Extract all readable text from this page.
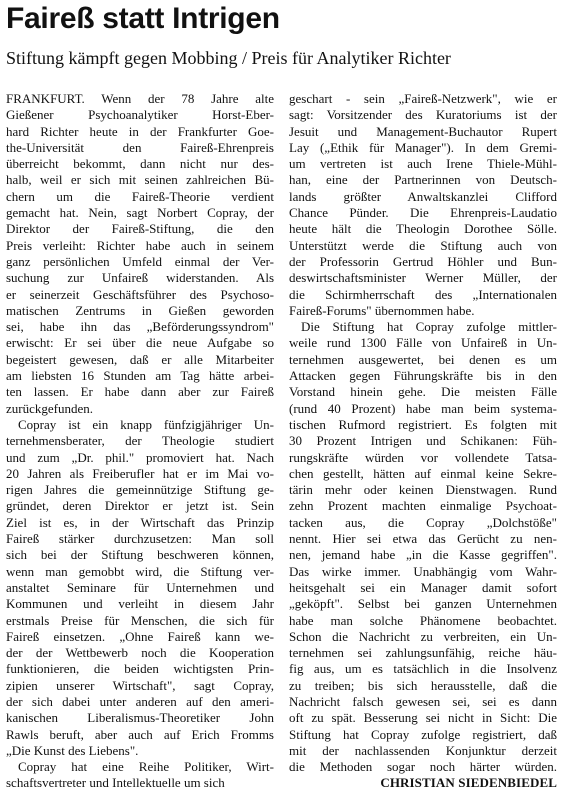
Faireß statt Intrigen
Stiftung kämpft gegen Mobbing / Preis für Analytiker Richter
FRANKFURT. Wenn der 78 Jahre alte
Gießener Psychoanalytiker Horst-Eber-
hard Richter heute in der Frankfurter Goe-
the-Universität den Faireß-Ehrenpreis
überreicht bekommt, dann nicht nur des-
halb, weil er sich mit seinen zahlreichen Bü-
chern um die Faireß-Theorie verdient
gemacht hat. Nein, sagt Norbert Copray, der
Direktor der Faireß-Stiftung, die den
Preis verleiht: Richter habe auch in seinem
ganz persönlichen Umfeld einmal der Ver-
suchung zur Unfaireß widerstanden. Als
er seinerzeit Geschäftsführer des Psychoso-
matischen Zentrums in Gießen geworden
sei, habe ihn das „Beförderungssyndrom"
erwischt: Er sei über die neue Aufgabe so
begeistert gewesen, daß er alle Mitarbeiter
am liebsten 16 Stunden am Tag hätte arbei-
ten lassen. Er habe dann aber zur Faireß
zurückgefunden.
Copray ist ein knapp fünfzigjähriger Un-
ternehmensberater, der Theologie studiert
und zum „Dr. phil." promoviert hat. Nach
20 Jahren als Freiberufler hat er im Mai vo-
rigen Jahres die gemeinnützige Stiftung ge-
gründet, deren Direktor er jetzt ist. Sein
Ziel ist es, in der Wirtschaft das Prinzip
Faireß stärker durchzusetzen: Man soll
sich bei der Stiftung beschweren können,
wenn man gemobbt wird, die Stiftung ver-
anstaltet Seminare für Unternehmen und
Kommunen und verleiht in diesem Jahr
erstmals Preise für Menschen, die sich für
Faireß einsetzen. „Ohne Faireß kann we-
der der Wettbewerb noch die Kooperation
funktionieren, die beiden wichtigsten Prin-
zipien unserer Wirtschaft", sagt Copray,
der sich dabei unter anderen auf den ameri-
kanischen Liberalismus-Theoretiker John
Rawls beruft, aber auch auf Erich Fromms
„Die Kunst des Liebens".
Copray hat eine Reihe Politiker, Wirt-
schaftsvertreter und Intellektuelle um sich
geschart - sein „Faireß-Netzwerk", wie er
sagt: Vorsitzender des Kuratoriums ist der
Jesuit und Management-Buchautor Rupert
Lay („Ethik für Manager"). In dem Gremi-
um vertreten ist auch Irene Thiele-Mühl-
han, eine der Partnerinnen von Deutsch-
lands größter Anwaltskanzlei Clifford
Chance Pünder. Die Ehrenpreis-Laudatio
heute hält die Theologin Dorothee Sölle.
Unterstützt werde die Stiftung auch von
der Professorin Gertrud Höhler und Bun-
deswirtschaftsminister Werner Müller, der
die Schirmherrschaft des „Internationalen
Faireß-Forums" übernommen habe.
Die Stiftung hat Copray zufolge mittler-
weile rund 1300 Fälle von Unfaireß in Un-
ternehmen ausgewertet, bei denen es um
Attacken gegen Führungskräfte bis in den
Vorstand hinein gehe. Die meisten Fälle
(rund 40 Prozent) habe man beim systema-
tischen Rufmord registriert. Es folgten mit
30 Prozent Intrigen und Schikanen: Füh-
rungskräfte würden vor vollendete Tatsa-
chen gestellt, hätten auf einmal keine Sekre-
tärin mehr oder keinen Dienstwagen. Rund
zehn Prozent machten einmalige Psychoat-
tacken aus, die Copray „Dolchstöße"
nennt. Hier sei etwa das Gerücht zu nen-
nen, jemand habe „in die Kasse gegriffen".
Das wirke immer. Unabhängig vom Wahr-
heitsgehalt sei ein Manager damit sofort
„geköpft". Selbst bei ganzen Unternehmen
habe man solche Phänomene beobachtet.
Schon die Nachricht zu verbreiten, ein Un-
ternehmen sei zahlungsunfähig, reiche häu-
fig aus, um es tatsächlich in die Insolvenz
zu treiben; bis sich herausstelle, daß die
Nachricht falsch gewesen sei, sei es dann
oft zu spät. Besserung sei nicht in Sicht: Die
Stiftung hat Copray zufolge registriert, daß
mit der nachlassenden Konjunktur derzeit
die Methoden sogar noch härter würden.
CHRISTIAN SIEDENBIEDEL
